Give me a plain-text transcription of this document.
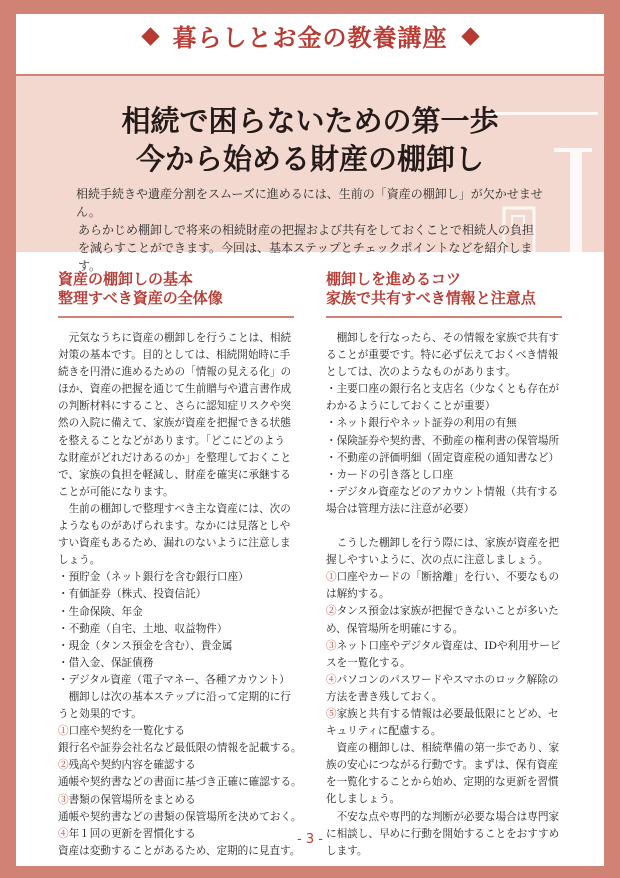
暮らしとお金の教養講座
相続で困らないための第一歩
今から始める財産の棚卸し
相続手続きや遺産分割をスムーズに進めるには、生前の「資産の棚卸し」が欠かせません。
あらかじめ棚卸しで将来の相続財産の把握および共有をしておくことで相続人の負担
を減らすことができます。今回は、基本ステップとチェックポイントなどを紹介します。
資産の棚卸しの基本
整理すべき資産の全体像

元気なうちに資産の棚卸しを行うことは、相続対策の基本です。目的としては、相続開始時に手続きを円滑に進めるための「情報の見える化」のほか、資産の把握を通じて生前贈与や遺言書作成の判断材料にすること、さらに認知症リスクや突然の入院に備えて、家族が資産を把握できる状態を整えることなどがあります。「どこにどのような財産がどれだけあるのか」を整理しておくことで、家族の負担を軽減し、財産を確実に承継することが可能になります。

生前の棚卸しで整理すべき主な資産には、次のようなものがあげられます。なかには見落としやすい資産もあるため、漏れのないように注意しましょう。

・預貯金（ネット銀行を含む銀行口座）

・有価証券（株式、投資信託）

・生命保険、年金

・不動産（自宅、土地、収益物件）

・現金（タンス預金を含む）、貴金属

・借入金、保証債務

・デジタル資産（電子マネー、各種アカウント）

棚卸しは次の基本ステップに沿って定期的に行うと効果的です。

①口座や契約を一覧化する

銀行名や証券会社名など最低限の情報を記載する。

②残高や契約内容を確認する

通帳や契約書などの書面に基づき正確に確認する。

③書類の保管場所をまとめる

通帳や契約書などの書類の保管場所を決めておく。

④年１回の更新を習慣化する

資産は変動することがあるため、定期的に見直す。

棚卸しを進めるコツ
家族で共有すべき情報と注意点

棚卸しを行なったら、その情報を家族で共有することが重要です。特に必ず伝えておくべき情報としては、次のようなものがあります。

・主要口座の銀行名と支店名（少なくとも存在がわかるようにしておくことが重要）

・ネット銀行やネット証券の利用の有無

・保険証券や契約書、不動産の権利書の保管場所

・不動産の評価明細（固定資産税の通知書など）

・カードの引き落とし口座

・デジタル資産などのアカウント情報（共有する場合は管理方法に注意が必要）

こうした棚卸しを行う際には、家族が資産を把握しやすいように、次の点に注意しましょう。

①口座やカードの「断捨離」を行い、不要なものは解約する。

②タンス預金は家族が把握できないことが多いため、保管場所を明確にする。

③ネット口座やデジタル資産は、IDや利用サービスを一覧化する。

④パソコンのパスワードやスマホのロック解除の方法を書き残しておく。

⑤家族と共有する情報は必要最低限にとどめ、セキュリティに配慮する。

資産の棚卸しは、相続準備の第一歩であり、家族の安心につながる行動です。まずは、保有資産を一覧化することから始め、定期的な更新を習慣化しましょう。

不安な点や専門的な判断が必要な場合は専門家に相談し、早めに行動を開始することをおすすめします。

- 3 -
